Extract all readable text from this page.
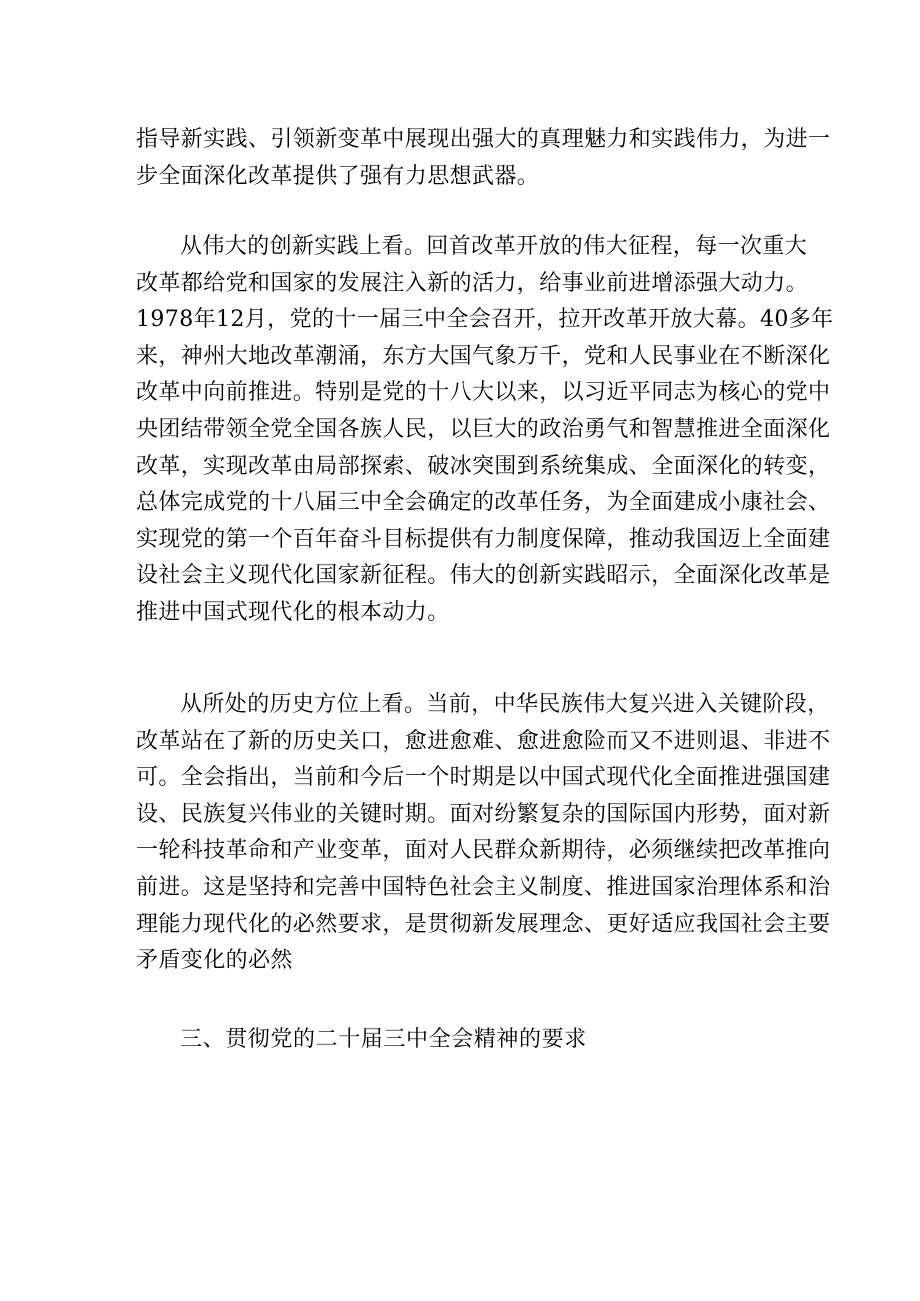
指导新实践、引领新变革中展现出强大的真理魅力和实践伟力，为进一
步全面深化改革提供了强有力思想武器。

从伟大的创新实践上看。回首改革开放的伟大征程，每一次重大
改革都给党和国家的发展注入新的活力，给事业前进增添强大动力。
1978年12月，党的十一届三中全会召开，拉开改革开放大幕。40多年
来，神州大地改革潮涌，东方大国气象万千，党和人民事业在不断深化
改革中向前推进。特别是党的十八大以来，以习近平同志为核心的党中
央团结带领全党全国各族人民，以巨大的政治勇气和智慧推进全面深化
改革，实现改革由局部探索、破冰突围到系统集成、全面深化的转变，
总体完成党的十八届三中全会确定的改革任务，为全面建成小康社会、
实现党的第一个百年奋斗目标提供有力制度保障，推动我国迈上全面建
设社会主义现代化国家新征程。伟大的创新实践昭示，全面深化改革是
推进中国式现代化的根本动力。

从所处的历史方位上看。当前，中华民族伟大复兴进入关键阶段，
改革站在了新的历史关口，愈进愈难、愈进愈险而又不进则退、非进不
可。全会指出，当前和今后一个时期是以中国式现代化全面推进强国建
设、民族复兴伟业的关键时期。面对纷繁复杂的国际国内形势，面对新
一轮科技革命和产业变革，面对人民群众新期待，必须继续把改革推向
前进。这是坚持和完善中国特色社会主义制度、推进国家治理体系和治
理能力现代化的必然要求，是贯彻新发展理念、更好适应我国社会主要
矛盾变化的必然

三、贯彻党的二十届三中全会精神的要求
